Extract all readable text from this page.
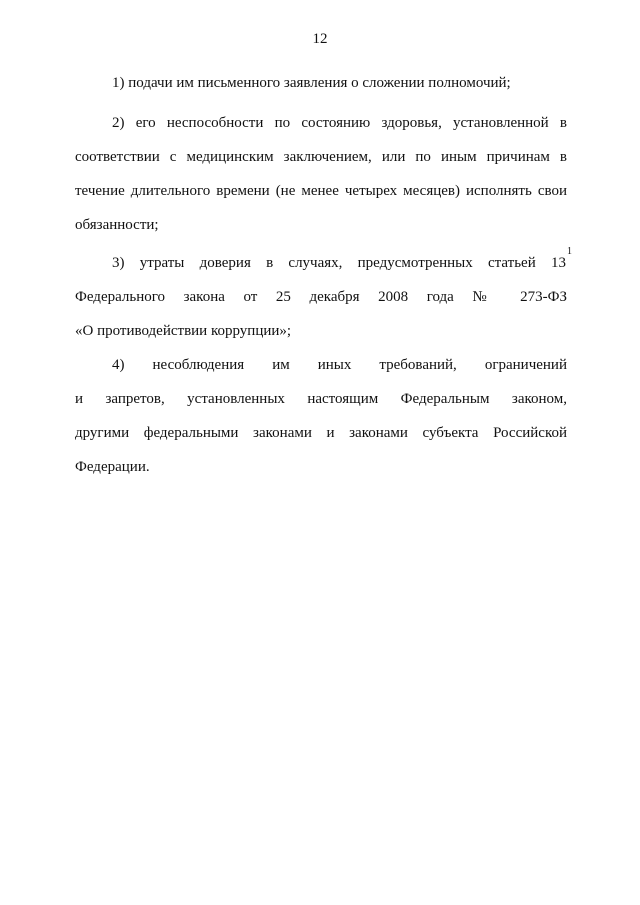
12
1) подачи им письменного заявления о сложении полномочий;
2) его неспособности по состоянию здоровья, установленной в
соответствии с медицинским заключением, или по иным причинам в
течение длительного времени (не менее четырех месяцев) исполнять свои
обязанности;
3) утраты доверия в случаях, предусмотренных статьей 13
$^1$
Федерального закона от 25 декабря 2008 года № 273-ФЗ
«О противодействии коррупции»;
4) несоблюдения им иных требований, ограничений
и запретов, установленных настоящим Федеральным законом,
другими федеральными законами и законами субъекта Российской
Федерации.
